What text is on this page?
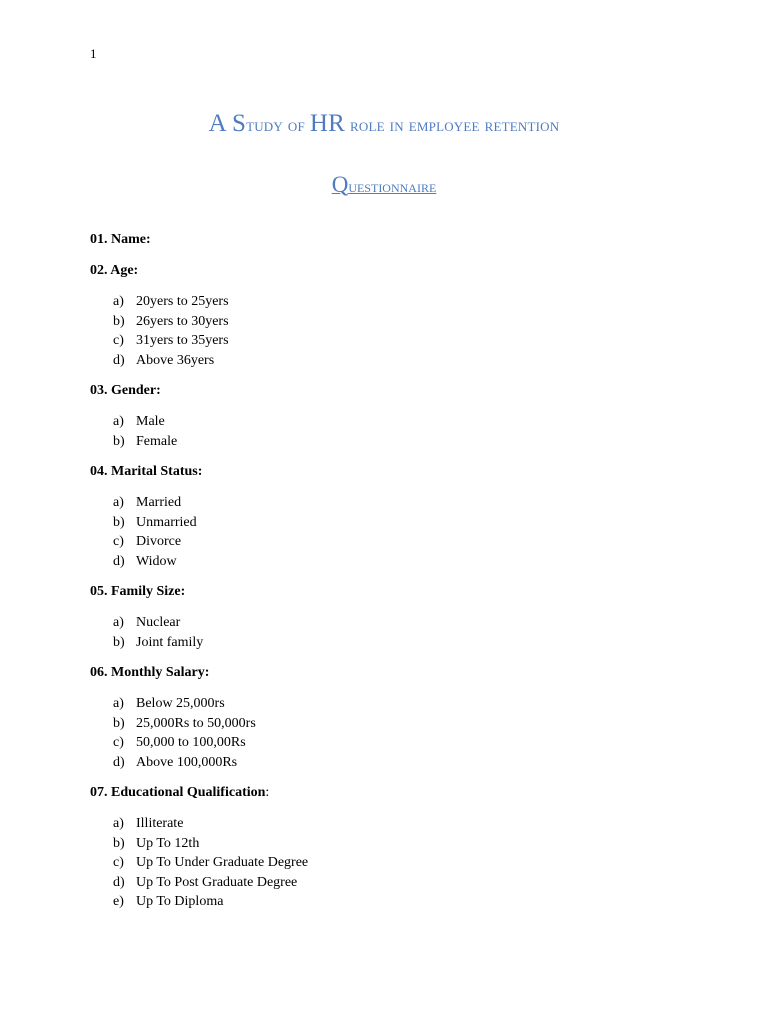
1
A Study of HR role in employee retention
Questionnaire
01. Name:
02. Age:
a) 20yers to 25yers
b) 26yers to 30yers
c) 31yers to 35yers
d) Above 36yers
03. Gender:
a) Male
b) Female
04. Marital Status:
a) Married
b) Unmarried
c) Divorce
d) Widow
05. Family Size:
a) Nuclear
b) Joint family
06. Monthly Salary:
a) Below 25,000rs
b) 25,000Rs to 50,000rs
c) 50,000 to 100,00Rs
d) Above 100,000Rs
07. Educational Qualification:
a) Illiterate
b) Up To 12th
c) Up To Under Graduate Degree
d) Up To Post Graduate Degree
e) Up To Diploma
